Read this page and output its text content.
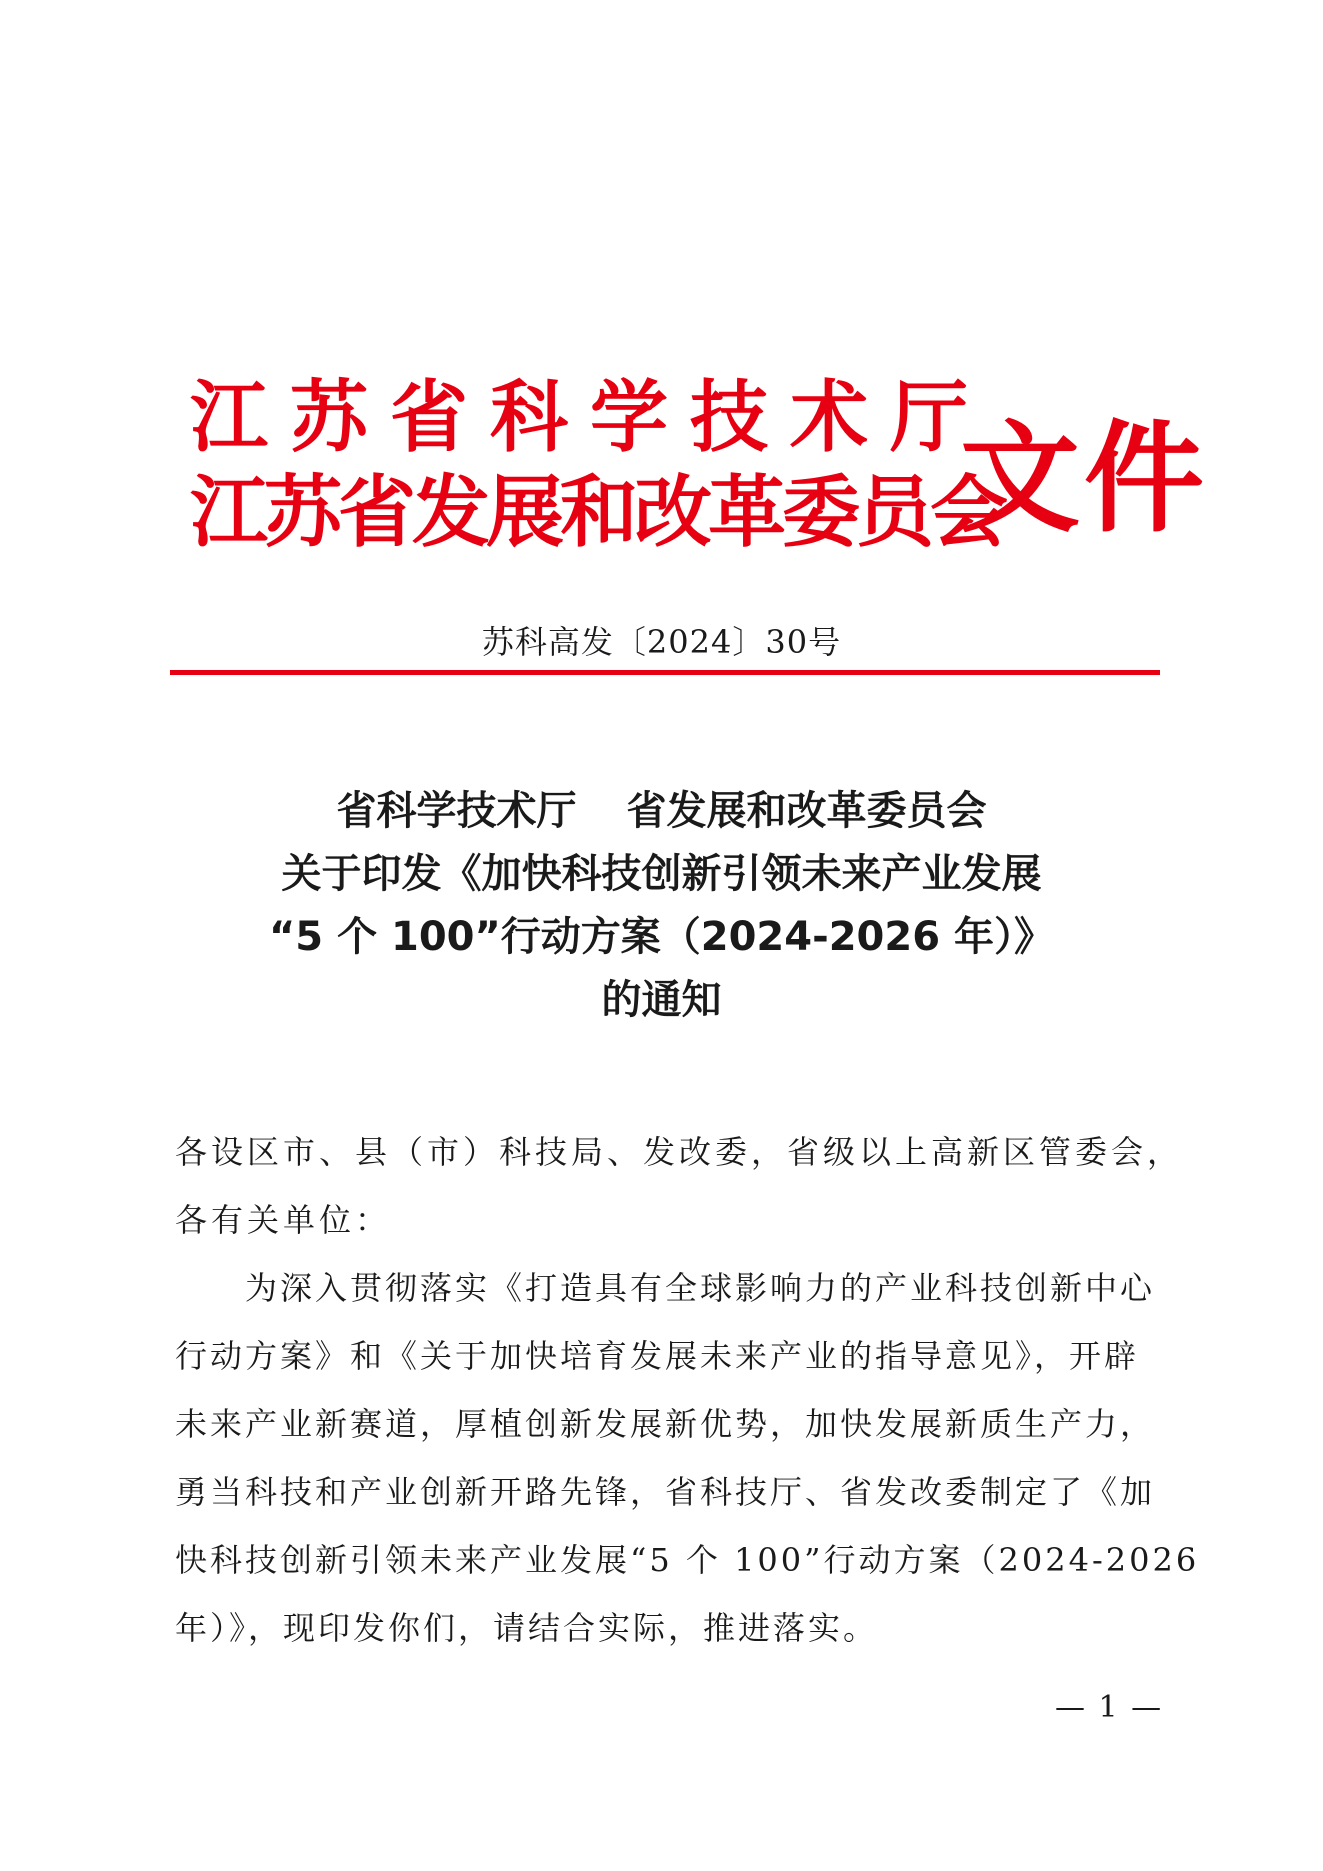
江苏省科学技术厅
江苏省发展和改革委员会
文件
苏科高发〔2024〕30号
省科学技术厅 省发展和改革委员会
关于印发《加快科技创新引领未来产业发展
“5 个 100”行动方案（2024-2026 年）》
的通知
各设区市、县（市）科技局、发改委，省级以上高新区管委会，
各有关单位：
为深入贯彻落实《打造具有全球影响力的产业科技创新中心
行动方案》和《关于加快培育发展未来产业的指导意见》，开辟
未来产业新赛道，厚植创新发展新优势，加快发展新质生产力，
勇当科技和产业创新开路先锋，省科技厅、省发改委制定了《加
快科技创新引领未来产业发展“5 个 100”行动方案（2024-2026
年）》，现印发你们，请结合实际，推进落实。
— 1 —
